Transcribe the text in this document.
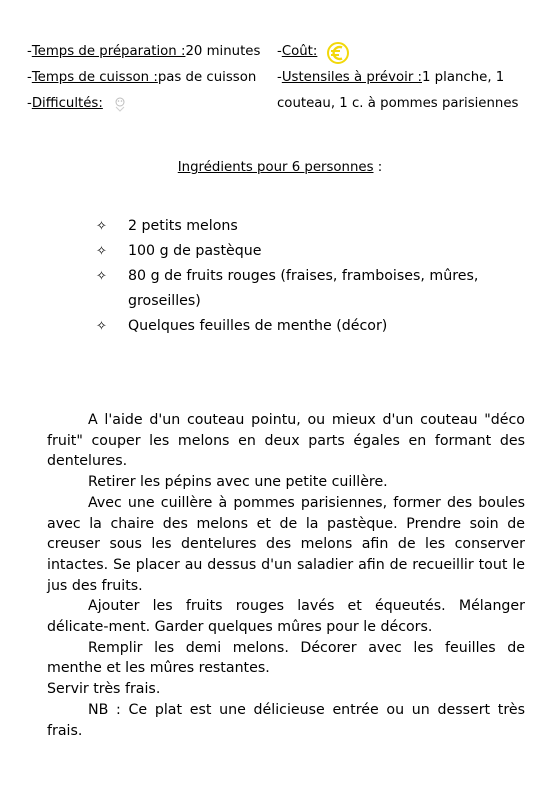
- Temps de préparation : 20 minutes
- Temps de cuisson : pas de cuisson
- Difficultés:
- Coût:
- Ustensiles à prévoir : 1 planche, 1
couteau, 1 c. à pommes parisiennes
Ingrédients pour 6 personnes :
✧ 2 petits melons
✧ 100 g de pastèque
✧ 80 g de fruits rouges (fraises, framboises, mûres, groseilles)
✧ Quelques feuilles de menthe (décor)

A l'aide d'un couteau pointu, ou mieux d'un couteau "déco fruit" couper les melons en deux parts égales en formant des dentelures.

Retirer les pépins avec une petite cuillère.

Avec une cuillère à pommes parisiennes, former des boules avec la chaire des melons et de la pastèque. Prendre soin de creuser sous les dentelures des melons afin de les conserver intactes. Se placer au dessus d'un saladier afin de recueillir tout le jus des fruits.

Ajouter les fruits rouges lavés et équeutés. Mélanger délicate-ment. Garder quelques mûres pour le décors.

Remplir les demi melons. Décorer avec les feuilles de menthe et les mûres restantes.

Servir très frais.

NB : Ce plat est une délicieuse entrée ou un dessert très frais.
